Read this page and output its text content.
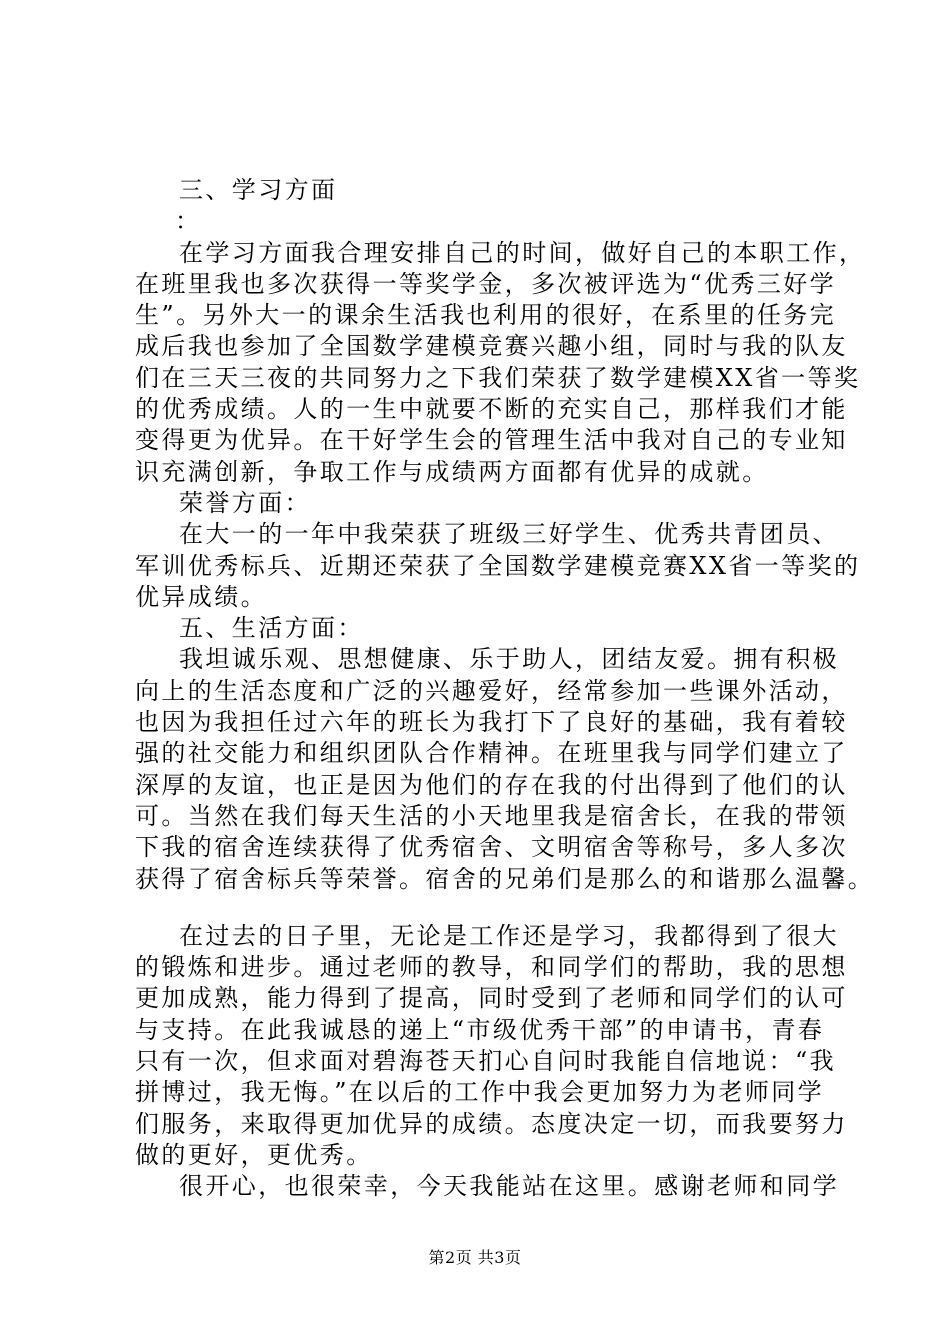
三、学习方面
：
在学习方面我合理安排自己的时间，做好自己的本职工作，
在班里我也多次获得一等奖学金，多次被评选为“优秀三好学
生”。另外大一的课余生活我也利用的很好，在系里的任务完
成后我也参加了全国数学建模竞赛兴趣小组，同时与我的队友
们在三天三夜的共同努力之下我们荣获了数学建模XX省一等奖
的优秀成绩。人的一生中就要不断的充实自己，那样我们才能
变得更为优异。在干好学生会的管理生活中我对自己的专业知
识充满创新，争取工作与成绩两方面都有优异的成就。
荣誉方面：
在大一的一年中我荣获了班级三好学生、优秀共青团员、
军训优秀标兵、近期还荣获了全国数学建模竞赛XX省一等奖的
优异成绩。
五、生活方面：
我坦诚乐观、思想健康、乐于助人，团结友爱。拥有积极
向上的生活态度和广泛的兴趣爱好，经常参加一些课外活动，
也因为我担任过六年的班长为我打下了良好的基础，我有着较
强的社交能力和组织团队合作精神。在班里我与同学们建立了
深厚的友谊，也正是因为他们的存在我的付出得到了他们的认
可。当然在我们每天生活的小天地里我是宿舍长，在我的带领
下我的宿舍连续获得了优秀宿舍、文明宿舍等称号，多人多次
获得了宿舍标兵等荣誉。宿舍的兄弟们是那么的和谐那么温馨。
在过去的日子里，无论是工作还是学习，我都得到了很大
的锻炼和进步。通过老师的教导，和同学们的帮助，我的思想
更加成熟，能力得到了提高，同时受到了老师和同学们的认可
与支持。在此我诚恳的递上“市级优秀干部”的申请书，青春
只有一次，但求面对碧海苍天扪心自问时我能自信地说：“我
拼博过，我无悔。”在以后的工作中我会更加努力为老师同学
们服务，来取得更加优异的成绩。态度决定一切，而我要努力
做的更好，更优秀。
很开心，也很荣幸，今天我能站在这里。感谢老师和同学
第2页 共3页
